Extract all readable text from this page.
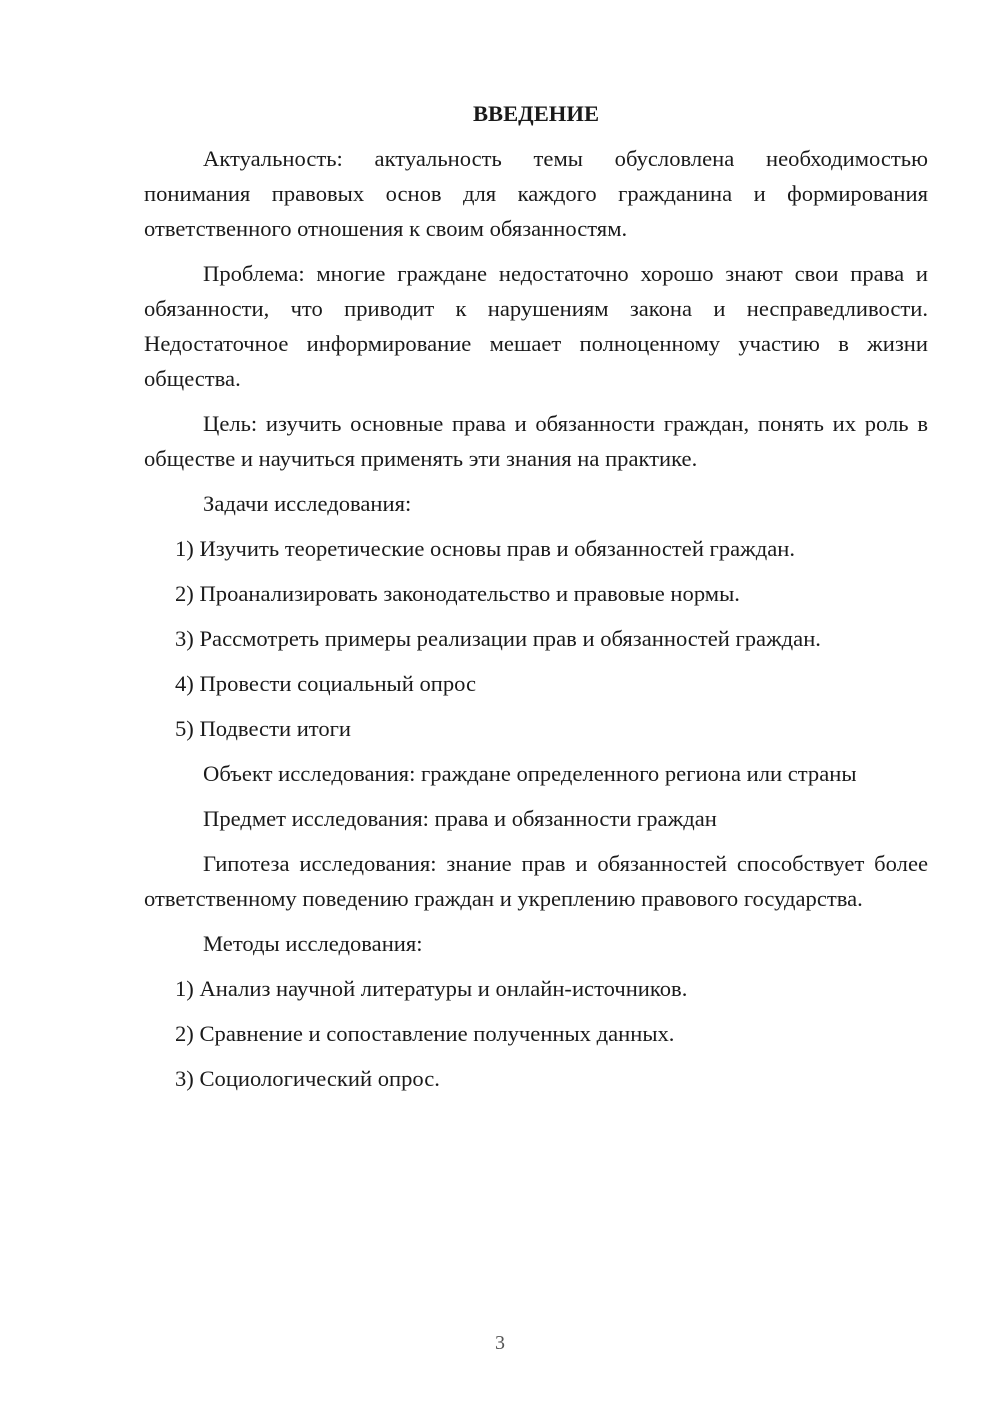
ВВЕДЕНИЕ
Актуальность: актуальность темы обусловлена необходимостью понимания правовых основ для каждого гражданина и формирования ответственного отношения к своим обязанностям.
Проблема: многие граждане недостаточно хорошо знают свои права и обязанности, что приводит к нарушениям закона и несправедливости. Недостаточное информирование мешает полноценному участию в жизни общества.
Цель: изучить основные права и обязанности граждан, понять их роль в обществе и научиться применять эти знания на практике.
Задачи исследования:
1) Изучить теоретические основы прав и обязанностей граждан.
2) Проанализировать законодательство и правовые нормы.
3) Рассмотреть примеры реализации прав и обязанностей граждан.
4) Провести социальный опрос
5) Подвести итоги
Объект исследования: граждане определенного региона или страны
Предмет исследования: права и обязанности граждан
Гипотеза исследования: знание прав и обязанностей способствует более ответственному поведению граждан и укреплению правового государства.
Методы исследования:
1) Анализ научной литературы и онлайн-источников.
2) Сравнение и сопоставление полученных данных.
3) Социологический опрос.
3
